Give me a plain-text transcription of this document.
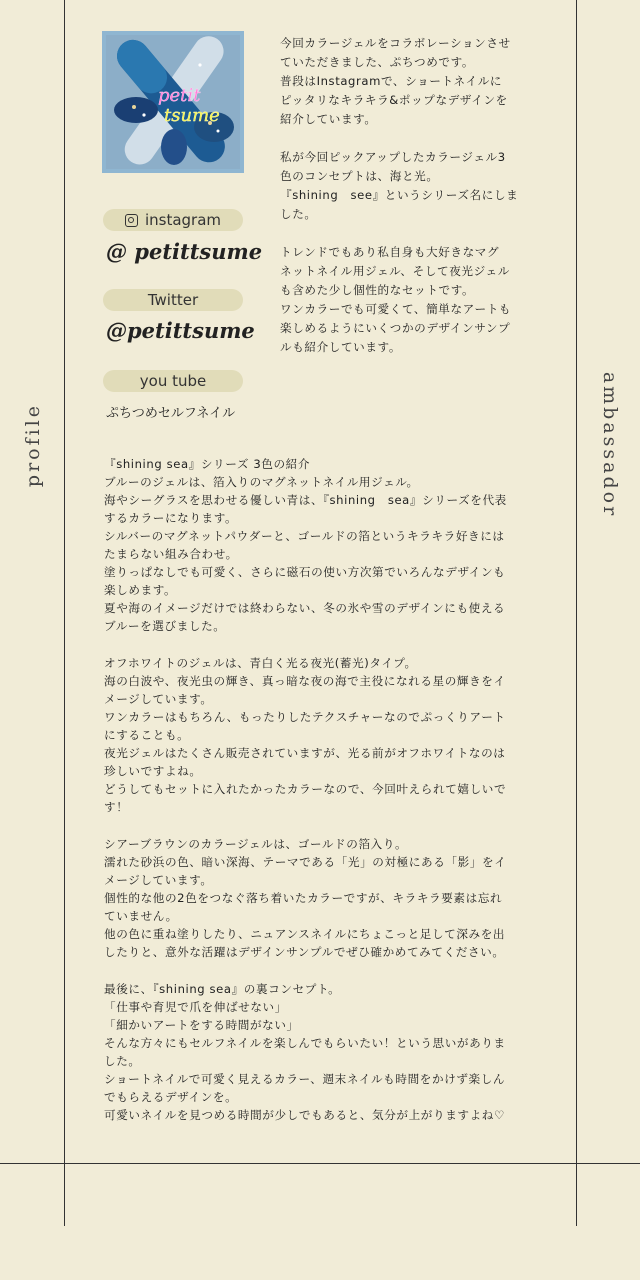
profile	ambassador
petit
tsume
instagram
@ petittsume
Twitter
@petittsume
you tube
ぷちつめセルフネイル

今回カラージェルをコラボレーションさせ

ていただきました、ぷちつめです。

普段はInstagramで、ショートネイルに

ピッタリなキラキラ&ポップなデザインを

紹介しています。

私が今回ピックアップしたカラージェル3

色のコンセプトは、海と光。

『shining　see』というシリーズ名にしま

した。

トレンドでもあり私自身も大好きなマグ

ネットネイル用ジェル、そして夜光ジェル

も含めた少し個性的なセットです。

ワンカラーでも可愛くて、簡単なアートも

楽しめるようにいくつかのデザインサンプ

ルも紹介しています。

『shining sea』シリーズ 3色の紹介

ブルーのジェルは、箔入りのマグネットネイル用ジェル。

海やシーグラスを思わせる優しい青は、『shining　sea』シリーズを代表

するカラーになります。

シルバーのマグネットパウダーと、ゴールドの箔というキラキラ好きには

たまらない組み合わせ。

塗りっぱなしでも可愛く、さらに磁石の使い方次第でいろんなデザインも

楽しめます。

夏や海のイメージだけでは終わらない、冬の氷や雪のデザインにも使える

ブルーを選びました。

オフホワイトのジェルは、青白く光る夜光(蓄光)タイプ。

海の白波や、夜光虫の輝き、真っ暗な夜の海で主役になれる星の輝きをイ

メージしています。

ワンカラーはもちろん、もったりしたテクスチャーなのでぷっくりアート

にすることも。

夜光ジェルはたくさん販売されていますが、光る前がオフホワイトなのは

珍しいですよね。

どうしてもセットに入れたかったカラーなので、今回叶えられて嬉しいで

す！

シアーブラウンのカラージェルは、ゴールドの箔入り。

濡れた砂浜の色、暗い深海、テーマである「光」の対極にある「影」をイ

メージしています。

個性的な他の2色をつなぐ落ち着いたカラーですが、キラキラ要素は忘れ

ていません。

他の色に重ね塗りしたり、ニュアンスネイルにちょこっと足して深みを出

したりと、意外な活躍はデザインサンプルでぜひ確かめてみてください。

最後に、『shining sea』の裏コンセプト。

「仕事や育児で爪を伸ばせない」

「細かいアートをする時間がない」

そんな方々にもセルフネイルを楽しんでもらいたい！という思いがありま

した。

ショートネイルで可愛く見えるカラー、週末ネイルも時間をかけず楽しん

でもらえるデザインを。

可愛いネイルを見つめる時間が少しでもあると、気分が上がりますよね♡
